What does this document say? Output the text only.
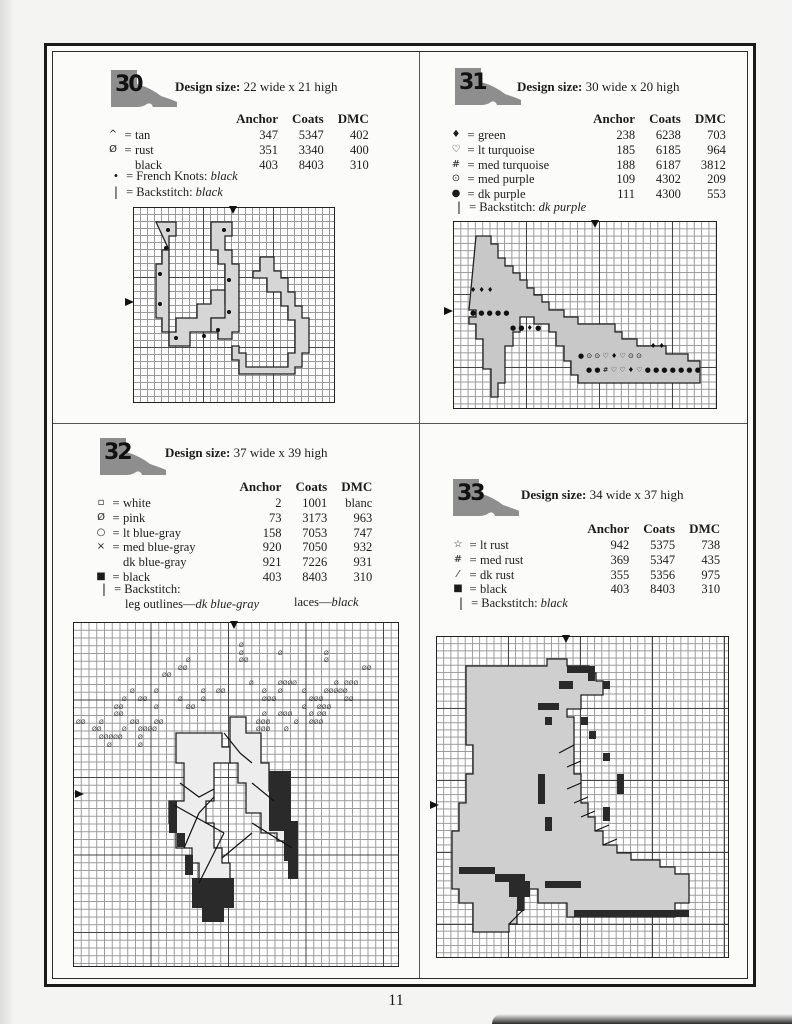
30	Design size: 22 wide x 21 high
			Anchor	Coats	DMC
^	=	tan	347	5347	402
Ø	=	rust	351	3340	400
		black	403	8403	310
• = French Knots: black
| = Backstitch: black
31 Design size: 30 wide x 20 high
			Anchor	Coats	DMC
♦	=	green	238	6238	703
♡	=	lt turquoise	185	6185	964
#	=	med turquoise	188	6187	3812
⊙	=	med purple	109	4302	209
●	=	dk purple	111	4300	553
| = Backstitch: dk purple
♦ ♦ ♦
● ● ● ● ●
● ● ♦ ●
● ● # ♡ ♡ ♦ ♡ ● ● ● ● ● ● ●
● ⊙ ⊙ ♡ ♦ ♡ ⊙ ⊙
♦ ♦
32	Design size: 37 wide x 39 high
			Anchor	Coats	DMC
▫	=	white	2	1001	blanc
Ø	=	pink	73	3173	963
○	=	lt blue-gray	158	7053	747
×	=	med blue-gray	920	7050	932
		dk blue-gray	921	7226	931
■	=	black	403	8403	310
| = Backstitch:
leg outlines—dk blue-gray	laces—black
Ø
Ø
ØØ
Ø
ØØ
Ø	Ø
Ø
ØØ
ØØ
Ø	ØØØØ	Ø ØØØ
Ø	Ø	Ø ØØ	Ø Ø	Ø	ØØØØØ
Ø ØØ	Ø	Ø	ØØØ	ØØØ	ØØ
ØØ	Ø	ØØ	Ø ØØØ
ØØ	Ø ØØØ	Ø ØØ
ØØ Ø	ØØ ØØ	ØØØ	Ø ØØØ
ØØ	Ø ØØØØ	ØØØ Ø
ØØØØØ	Ø
Ø	Ø
33	Design size: 34 wide x 37 high
			Anchor	Coats	DMC
☆	=	lt rust	942	5375	738
#	=	med rust	369	5347	435
⁄	=	dk rust	355	5356	975
■	=	black	403	8403	310
| = Backstitch: black
11
